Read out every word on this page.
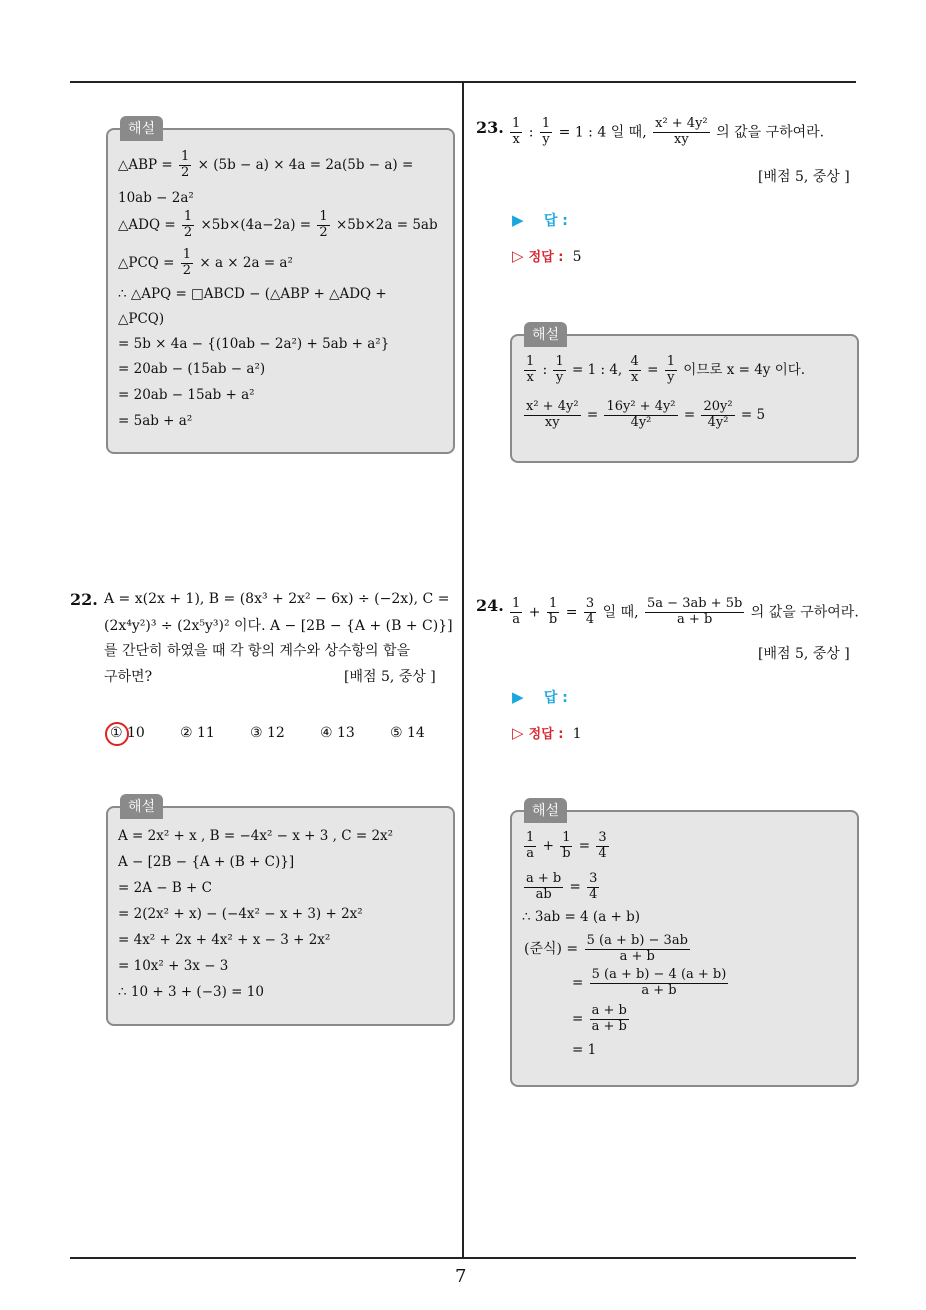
7
해설
△ABP = $\frac{1}{2} \times (5b - a) \times 4a = 2a(5b - a)$ =
10ab − 2a²
△ADQ = $\frac{1}{2} \times 5b\times(4a-2a) = \frac{1}{2} \times 5b\times 2a = 5ab$
△PCQ = $\frac{1}{2} \times a \times 2a = a^2$
∴ △APQ = □ABCD − (△ABP + △ADQ +
△PCQ)
= 5b × 4a − {(10ab − 2a²) + 5ab + a²}
= 20ab − (15ab − a²)
= 20ab − 15ab + a²
= 5ab + a²
22. A = x(2x + 1), B = (8x³ + 2x² − 6x) ÷ (−2x), C =
(2x⁴y²)³ ÷ (2x⁵y³)² 이다. A − [2B − {A + (B + C)}]
를 간단히 하였을 때 각 항의 계수와 상수항의 합을
구하면?	[배점 5, 중상 ]
① 10	② 11	③ 12	④ 13	⑤ 14
해설
A = 2x² + x , B = −4x² − x + 3 , C = 2x²
A − [2B − {A + (B + C)}]
= 2A − B + C
= 2(2x² + x) − (−4x² − x + 3) + 2x²
= 4x² + 2x + 4x² + x − 3 + 2x²
= 10x² + 3x − 3
∴ 10 + 3 + (−3) = 10
23. $\frac{1}{x}$ : $\frac{1}{y} = 1$ : 4 일 때, $\frac{\text{x² + 4y²}}{xy}$ 의 값을 구하여라.
[배점 5, 중상 ]
▶ 답 :
▷ 정답 : 5
해설
$\frac{1}{x}$ : $\frac{1}{y} = 1$ : 4, $\frac{4}{x} = \frac{1}{y}$ 이므로 x = 4y 이다.
$\frac{\text{x² + 4y²}}{xy} = \frac{\text{16y² + 4y²}}{\text{4y²}} = \frac{\text{20y²}}{\text{4y²}} = 5$
24. $\frac{1}{a} + \frac{1}{b} = \frac{3}{4}$ 일 때, $\frac{5a - 3ab + 5b}{a + b}$ 의 값을 구하여라.
[배점 5, 중상 ]
▶ 답 :
▷ 정답 : 1
해설
$\frac{1}{a} + \frac{1}{b} = \frac{3}{4}$
$\frac{a + b}{ab} = \frac{3}{4}$
∴ 3ab = 4 (a + b)
(준식) = $\frac{5 (a + b) - 3ab}{a + b}$
= $\frac{5 (a + b) - 4 (a + b)}{a + b}$
= $\frac{a + b}{a + b}$
= 1
